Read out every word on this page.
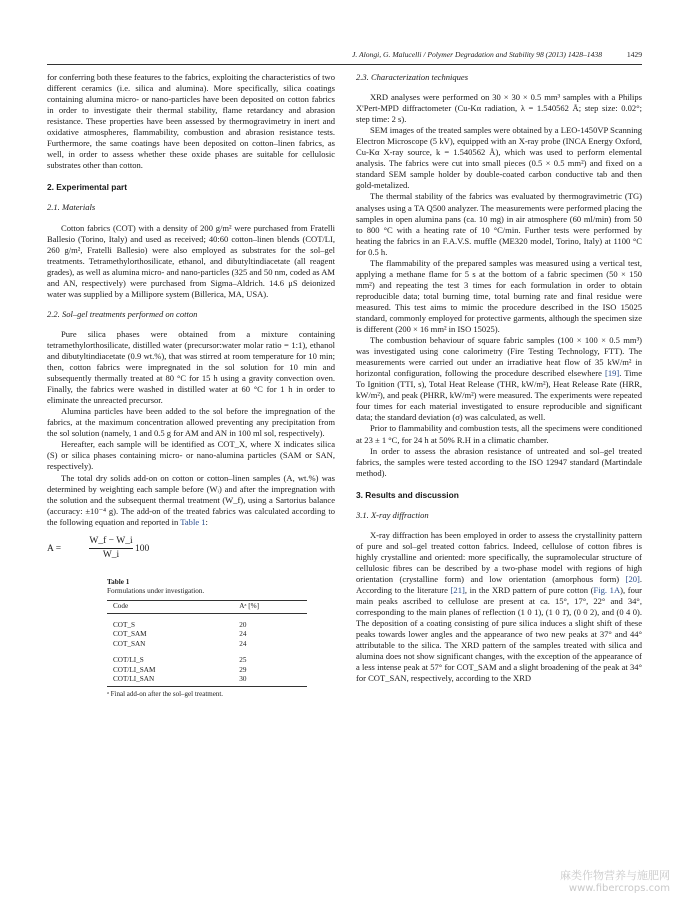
J. Alongi, G. Malucelli / Polymer Degradation and Stability 98 (2013) 1428–1438	1429

for conferring both these features to the fabrics, exploiting the characteristics of two different ceramics (i.e. silica and alumina). More specifically, silica coatings containing alumina micro- or nano-particles have been deposited on cotton fabrics in order to investigate their thermal stability, flame retardancy and abrasion resistance. These properties have been assessed by thermogravimetry in inert and oxidative atmospheres, flammability, combustion and abrasion resistance tests. Furthermore, the same coatings have been deposited on cotton–linen fabrics, as well, in order to assess whether these oxide phases are suitable for cellulosic substrates other than cotton.

2. Experimental part
2.1. Materials

Cotton fabrics (COT) with a density of 200 g/m² were purchased from Fratelli Ballesio (Torino, Italy) and used as received; 40:60 cotton–linen blends (COT/LI, 260 g/m², Fratelli Ballesio) were also employed as substrates for the sol–gel treatments. Tetramethylorthosilicate, ethanol, and dibutyltindiacetate (all reagent grades), as well as alumina micro- and nano-particles (325 and 50 nm, coded as AM and AN, respectively) were purchased from Sigma–Aldrich. 14.6 μS deionized water was supplied by a Millipore system (Billerica, MA, USA).

2.2. Sol–gel treatments performed on cotton

Pure silica phases were obtained from a mixture containing tetramethylorthosilicate, distilled water (precursor:water molar ratio = 1:1), ethanol and dibutyltindiacetate (0.9 wt.%), that was stirred at room temperature for 10 min; then, cotton fabrics were impregnated in the sol solution for 10 min and subsequently thermally treated at 80 °C for 15 h using a gravity convection oven. Finally, the fabrics were washed in distilled water at 60 °C for 1 h in order to eliminate the unreacted precursor.

Alumina particles have been added to the sol before the impregnation of the fabrics, at the maximum concentration allowed preventing any precipitation from the sol solution (namely, 1 and 0.5 g for AM and AN in 100 ml sol, respectively).

Hereafter, each sample will be identified as COT_X, where X indicates silica (S) or silica phases containing micro- or nano-alumina particles (SAM or SAN, respectively).

The total dry solids add-on on cotton or cotton–linen samples (A, wt.%) was determined by weighting each sample before (Wᵢ) and after the impregnation with the solution and the subsequent thermal treatment (W_f), using a Sartorius balance (accuracy: ±10⁻⁴ g). The add-on of the treated fabrics was calculated according to the following equation and reported in Table 1:

A =	$\frac{W\_f - W\_i}{W\_i} 100$
Table 1
Formulations under investigation.
Code	Aᵃ [%]

COT_S	20
COT_SAM	24
COT_SAN	24

COT/LI_S	25
COT/LI_SAM	29
COT/LI_SAN	30
ᵃ Final add-on after the sol–gel treatment.
2.3. Characterization techniques

XRD analyses were performed on 30 × 30 × 0.5 mm³ samples with a Philips X'Pert-MPD diffractometer (Cu-Kα radiation, λ = 1.540562 Å; step size: 0.02°; step time: 2 s).

SEM images of the treated samples were obtained by a LEO-1450VP Scanning Electron Microscope (5 kV), equipped with an X-ray probe (INCA Energy Oxford, Cu-Kα X-ray source, k = 1.540562 Å), which was used to perform elemental analysis. The fabrics were cut into small pieces (0.5 × 0.5 mm²) and fixed on a standard SEM sample holder by double-coated carbon conductive tab and then gold-metalized.

The thermal stability of the fabrics was evaluated by thermogravimetric (TG) analyses using a TA Q500 analyzer. The measurements were performed placing the samples in open alumina pans (ca. 10 mg) in air atmosphere (60 ml/min) from 50 to 800 °C with a heating rate of 10 °C/min. Further tests were performed by heating the fabrics in an F.A.V.S. muffle (ME320 model, Torino, Italy) at 1100 °C for 0.5 h.

The flammability of the prepared samples was measured using a vertical test, applying a methane flame for 5 s at the bottom of a fabric specimen (50 × 150 mm²) and repeating the test 3 times for each formulation in order to obtain reproducible data; total burning time, total burning rate and final residue were measured. This test aims to mimic the procedure described in the ISO 15025 standard, commonly employed for protective garments, although the specimen size is different (200 × 16 mm² in ISO 15025).

The combustion behaviour of square fabric samples (100 × 100 × 0.5 mm³) was investigated using cone calorimetry (Fire Testing Technology, FTT). The measurements were carried out under an irradiative heat flow of 35 kW/m² in horizontal configuration, following the procedure described elsewhere [19]. Time To Ignition (TTI, s), Total Heat Release (THR, kW/m²), Heat Release Rate (HRR, kW/m²), and peak (PHRR, kW/m²) were measured. The experiments were repeated four times for each material investigated to ensure reproducible and significant data; the standard deviation (σ) was calculated, as well.

Prior to flammability and combustion tests, all the specimens were conditioned at 23 ± 1 °C, for 24 h at 50% R.H in a climatic chamber.

In order to assess the abrasion resistance of untreated and sol–gel treated fabrics, the samples were tested according to the ISO 12947 standard (Martindale method).

3. Results and discussion
3.1. X-ray diffraction

X-ray diffraction has been employed in order to assess the crystallinity pattern of pure and sol–gel treated cotton fabrics. Indeed, cellulose of cotton fibres is highly crystalline and oriented: more specifically, the supramolecular structure of cellulosic fibres can be described by a two-phase model with regions of high orientation (crystalline form) and low orientation (amorphous form) [20]. According to the literature [21], in the XRD pattern of pure cotton (Fig. 1A), four main peaks ascribed to cellulose are present at ca. 15°, 17°, 22° and 34°, corresponding to the main planes of reflection (1 0 1), (1 0 1̄), (0 0 2), and (0 4 0). The deposition of a coating consisting of pure silica induces a slight shift of these peaks towards lower angles and the appearance of two new peaks at 37° and 44° attributable to the silica. The XRD pattern of the samples treated with silica and alumina does not show significant changes, with the exception of the appearance of a less intense peak at 57° for COT_SAM and a slight broadening of the peak at 34° for COT_SAN, respectively, according to the XRD

麻类作物营养与施肥网
www.fibercrops.com
